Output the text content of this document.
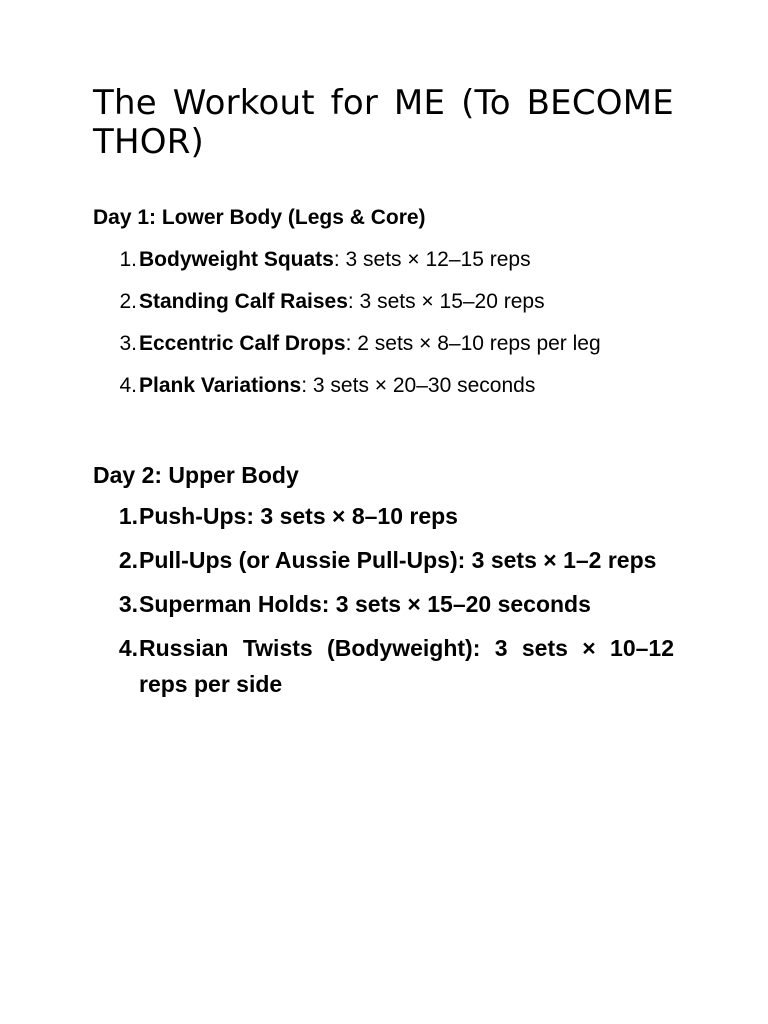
The Workout for ME (To BECOME THOR)
Day 1: Lower Body (Legs & Core)
1. Bodyweight Squats: 3 sets × 12–15 reps
2. Standing Calf Raises: 3 sets × 15–20 reps
3. Eccentric Calf Drops: 2 sets × 8–10 reps per leg
4. Plank Variations: 3 sets × 20–30 seconds
Day 2: Upper Body
1. Push-Ups: 3 sets × 8–10 reps
2. Pull-Ups (or Aussie Pull-Ups): 3 sets × 1–2 reps
3. Superman Holds: 3 sets × 15–20 seconds
4. Russian Twists (Bodyweight): 3 sets × 10–12 reps per side
